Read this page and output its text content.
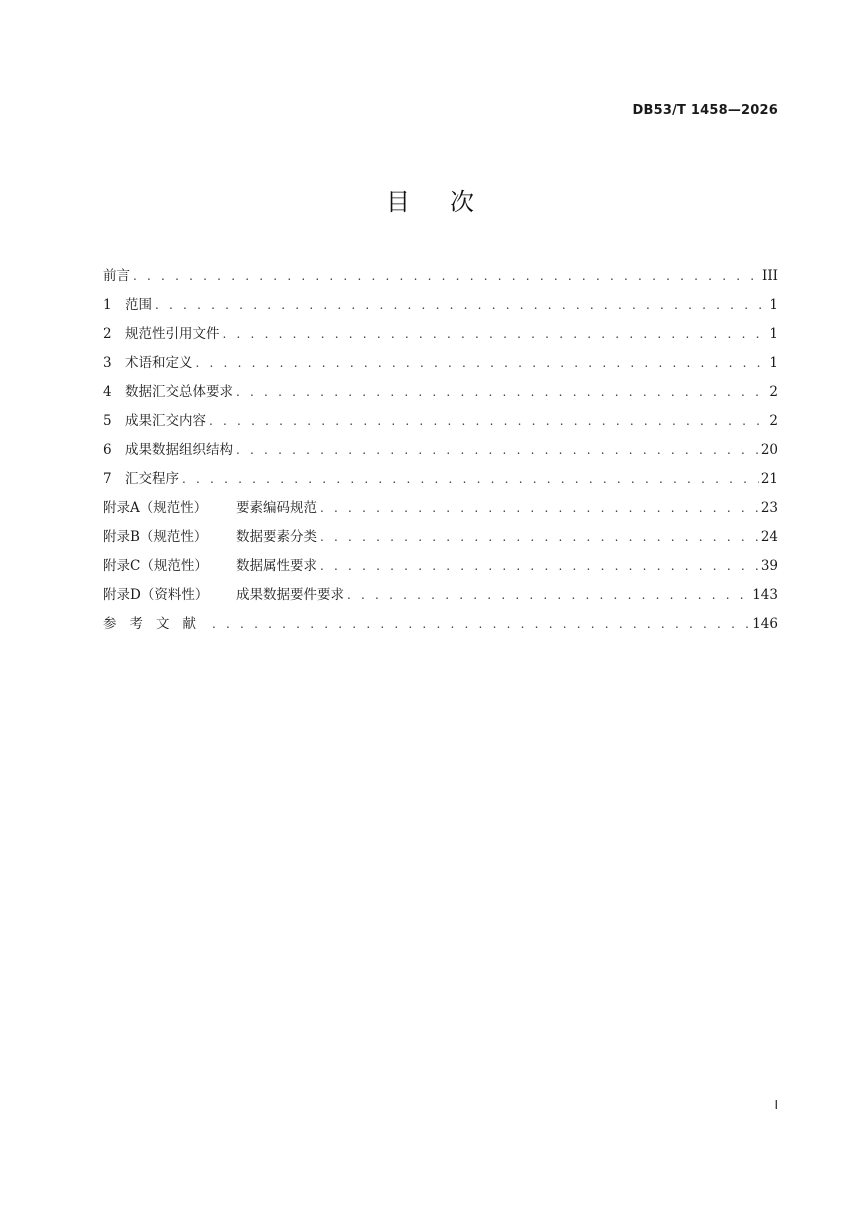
DB53/T 1458—2026
目次
前言 . . .	III
1 范围 . . .	1
2 规范性引用文件 . . .	1
3 术语和定义 . . .	1
4 数据汇交总体要求 . . .	2
5 成果汇交内容 . . .	2
6 成果数据组织结构 . . .	20
7 汇交程序 . . .	21
附录A（规范性）	要素编码规范 . . .	23
附录B（规范性）	数据要素分类 . . .	24
附录C（规范性）	数据属性要求 . . .	39
附录D（资料性）	成果数据要件要求 . . .	143
参考文献 . . .	146
I
